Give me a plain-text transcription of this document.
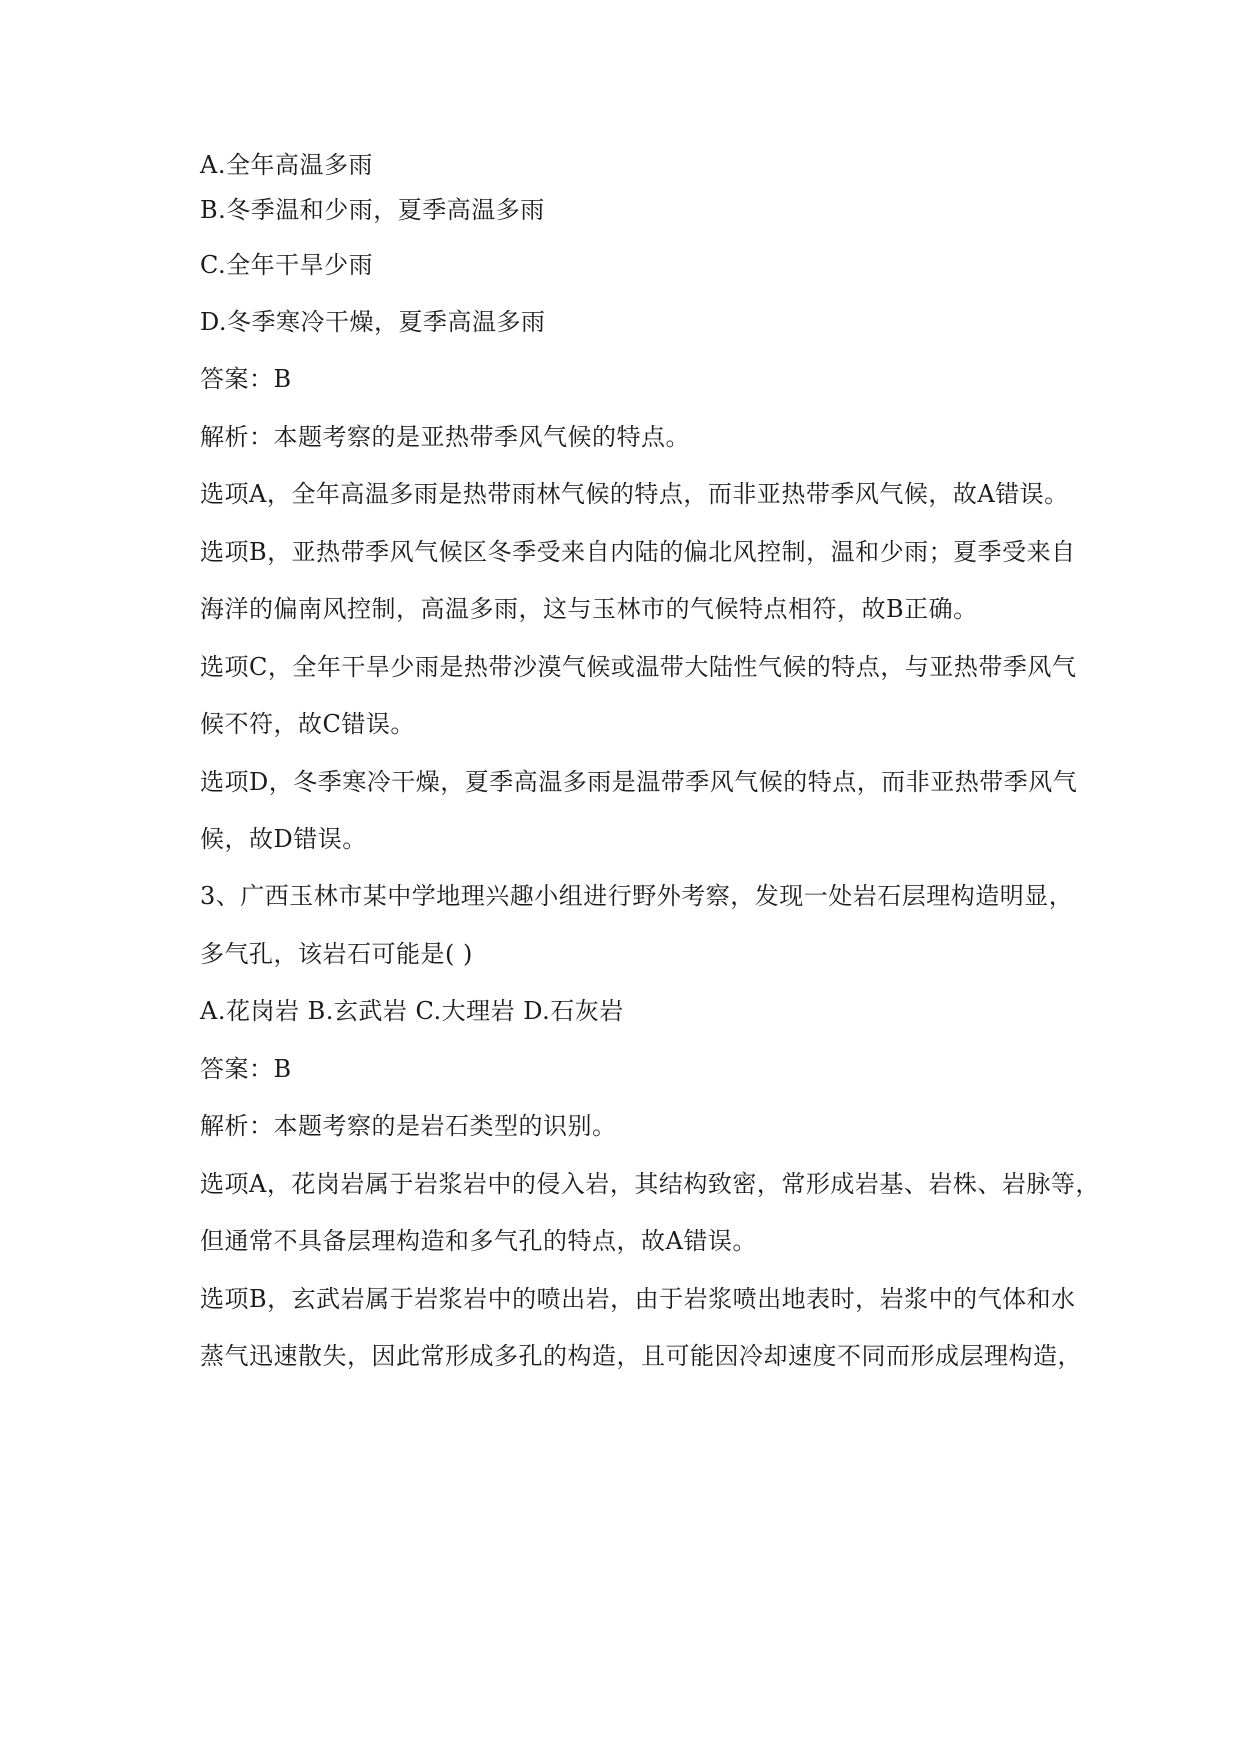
A.全年高温多雨
B.冬季温和少雨，夏季高温多雨
C.全年干旱少雨
D.冬季寒冷干燥，夏季高温多雨
答案：B
解析：本题考察的是亚热带季风气候的特点。
选项A，全年高温多雨是热带雨林气候的特点，而非亚热带季风气候，故A错误。
选项B，亚热带季风气候区冬季受来自内陆的偏北风控制，温和少雨；夏季受来自
海洋的偏南风控制，高温多雨，这与玉林市的气候特点相符，故B正确。
选项C，全年干旱少雨是热带沙漠气候或温带大陆性气候的特点，与亚热带季风气
候不符，故C错误。
选项D，冬季寒冷干燥，夏季高温多雨是温带季风气候的特点，而非亚热带季风气
候，故D错误。
3、广西玉林市某中学地理兴趣小组进行野外考察，发现一处岩石层理构造明显，
多气孔，该岩石可能是( )
A.花岗岩 B.玄武岩 C.大理岩 D.石灰岩
答案：B
解析：本题考察的是岩石类型的识别。
选项A，花岗岩属于岩浆岩中的侵入岩，其结构致密，常形成岩基、岩株、岩脉等，
但通常不具备层理构造和多气孔的特点，故A错误。
选项B，玄武岩属于岩浆岩中的喷出岩，由于岩浆喷出地表时，岩浆中的气体和水
蒸气迅速散失，因此常形成多孔的构造，且可能因冷却速度不同而形成层理构造，
